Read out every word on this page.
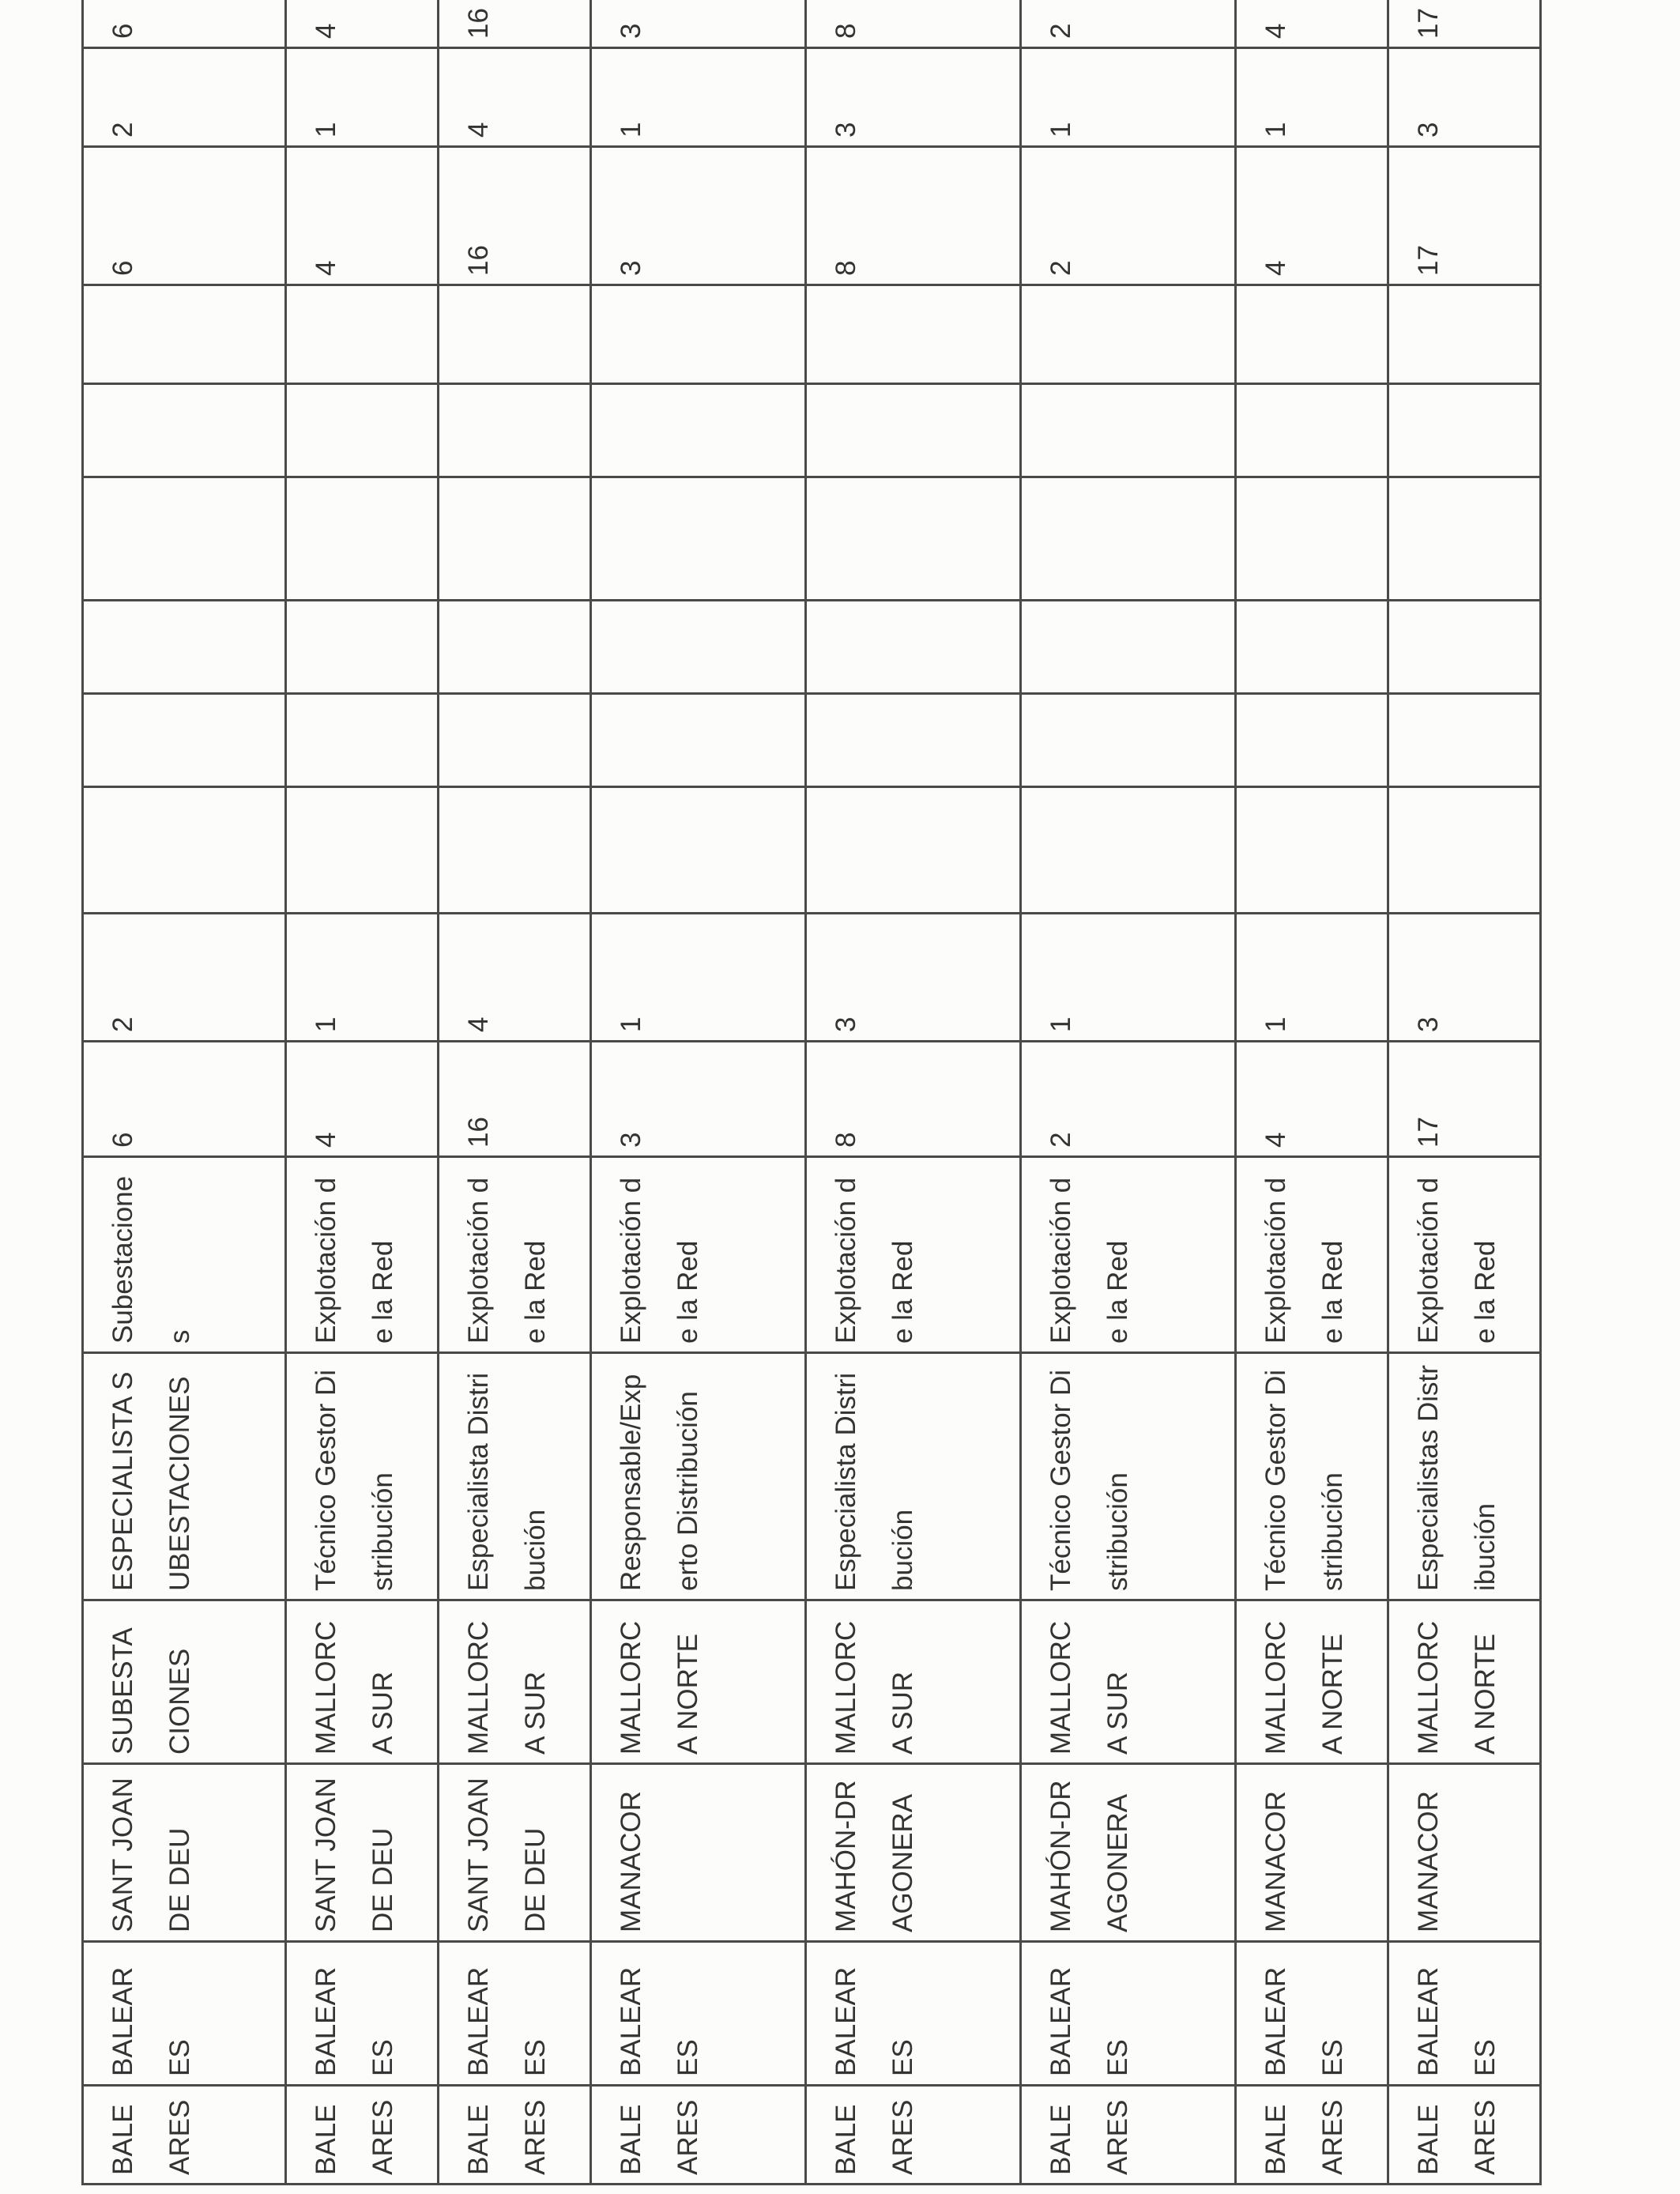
BALEARES	BALEARES	SANT JOAN DE DEU	SUBESTACIONES	ESPECIALISTA SUBESTACIONES	Subestaciones	6	2							6	2	6	
BALEARES	BALEARES	SANT JOAN DE DEU	MALLORCA SUR	Técnico Gestor Distribución	Explotación de la Red	4	1							4	1	4	
BALEARES	BALEARES	SANT JOAN DE DEU	MALLORCA SUR	Especialista Distribución	Explotación de la Red	16	4							16	4	16	
BALEARES	BALEARES	MANACOR	MALLORCA NORTE	Responsable/Experto Distribución	Explotación de la Red	3	1							3	1	3	
BALEARES	BALEARES	MAHÓN-DRAGONERA	MALLORCA SUR	Especialista Distribución	Explotación de la Red	8	3							8	3	8	
BALEARES	BALEARES	MAHÓN-DRAGONERA	MALLORCA SUR	Técnico Gestor Distribución	Explotación de la Red	2	1							2	1	2	
BALEARES	BALEARES	MANACOR	MALLORCA NORTE	Técnico Gestor Distribución	Explotación de la Red	4	1							4	1	4	
BALEARES	BALEARES	MANACOR	MALLORCA NORTE	Especialistas Distribución	Explotación de la Red	17	3							17	3	17	
